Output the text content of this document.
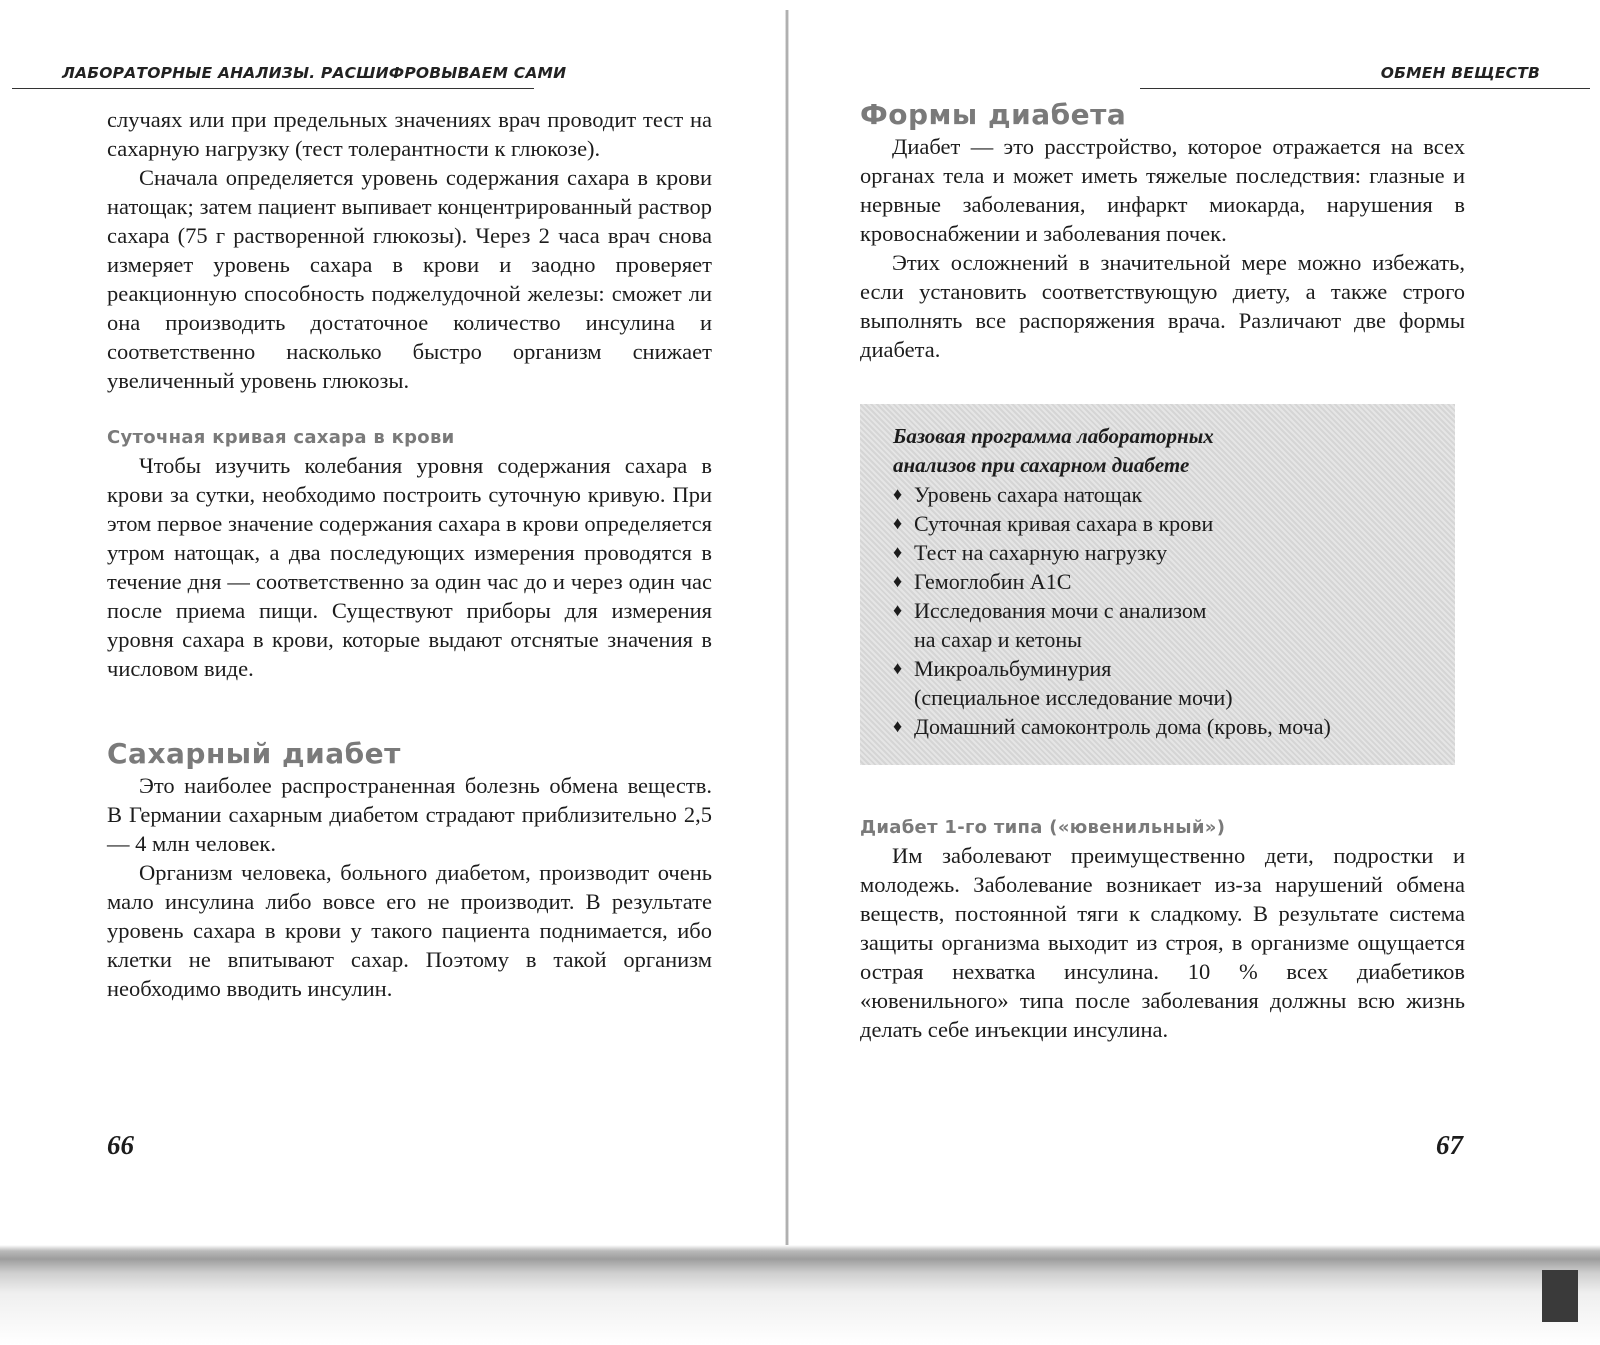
ЛАБОРАТОРНЫЕ АНАЛИЗЫ. РАСШИФРОВЫВАЕМ САМИ

случаях или при предельных значениях врач проводит тест на сахарную нагрузку (тест толерантности к глюкозе).

Сначала определяется уровень содержания сахара в крови натощак; затем пациент выпивает концентрированный раствор сахара (75 г растворенной глюкозы). Через 2 часа врач снова измеряет уровень сахара в крови и заодно проверяет реакционную способность поджелудочной железы: сможет ли она производить достаточное количество инсулина и соответственно насколько быстро организм снижает увеличенный уровень глюкозы.

Суточная кривая сахара в крови

Чтобы изучить колебания уровня содержания сахара в крови за сутки, необходимо построить суточную кривую. При этом первое значение содержания сахара в крови определяется утром натощак, а два последующих измерения проводятся в течение дня — соответственно за один час до и через один час после приема пищи. Существуют приборы для измерения уровня сахара в крови, которые выдают отснятые значения в числовом виде.

Сахарный диабет

Это наиболее распространенная болезнь обмена веществ. В Германии сахарным диабетом страдают приблизительно 2,5 — 4 млн человек.

Организм человека, больного диабетом, производит очень мало инсулина либо вовсе его не производит. В результате уровень сахара в крови у такого пациента поднимается, ибо клетки не впитывают сахар. Поэтому в такой организм необходимо вводить инсулин.

66
ОБМЕН ВЕЩЕСТВ
Формы диабета

Диабет — это расстройство, которое отражается на всех органах тела и может иметь тяжелые последствия: глазные и нервные заболевания, инфаркт миокарда, нарушения в кровоснабжении и заболевания почек.

Этих осложнений в значительной мере можно избежать, если установить соответствующую диету, а также строго выполнять все распоряжения врача. Различают две формы диабета.

Базовая программа лабораторных
анализов при сахарном диабете
♦ Уровень сахара натощак
♦ Суточная кривая сахара в крови
♦ Тест на сахарную нагрузку
♦ Гемоглобин A1C
♦ Исследования мочи с анализом
на сахар и кетоны
♦ Микроальбуминурия
(специальное исследование мочи)
♦ Домашний самоконтроль дома (кровь, моча)
Диабет 1-го типа («ювенильный»)

Им заболевают преимущественно дети, подростки и молодежь. Заболевание возникает из-за нарушений обмена веществ, постоянной тяги к сладкому. В результате система защиты организма выходит из строя, в организме ощущается острая нехватка инсулина. 10 % всех диабетиков «ювенильного» типа после заболевания должны всю жизнь делать себе инъекции инсулина.

67
